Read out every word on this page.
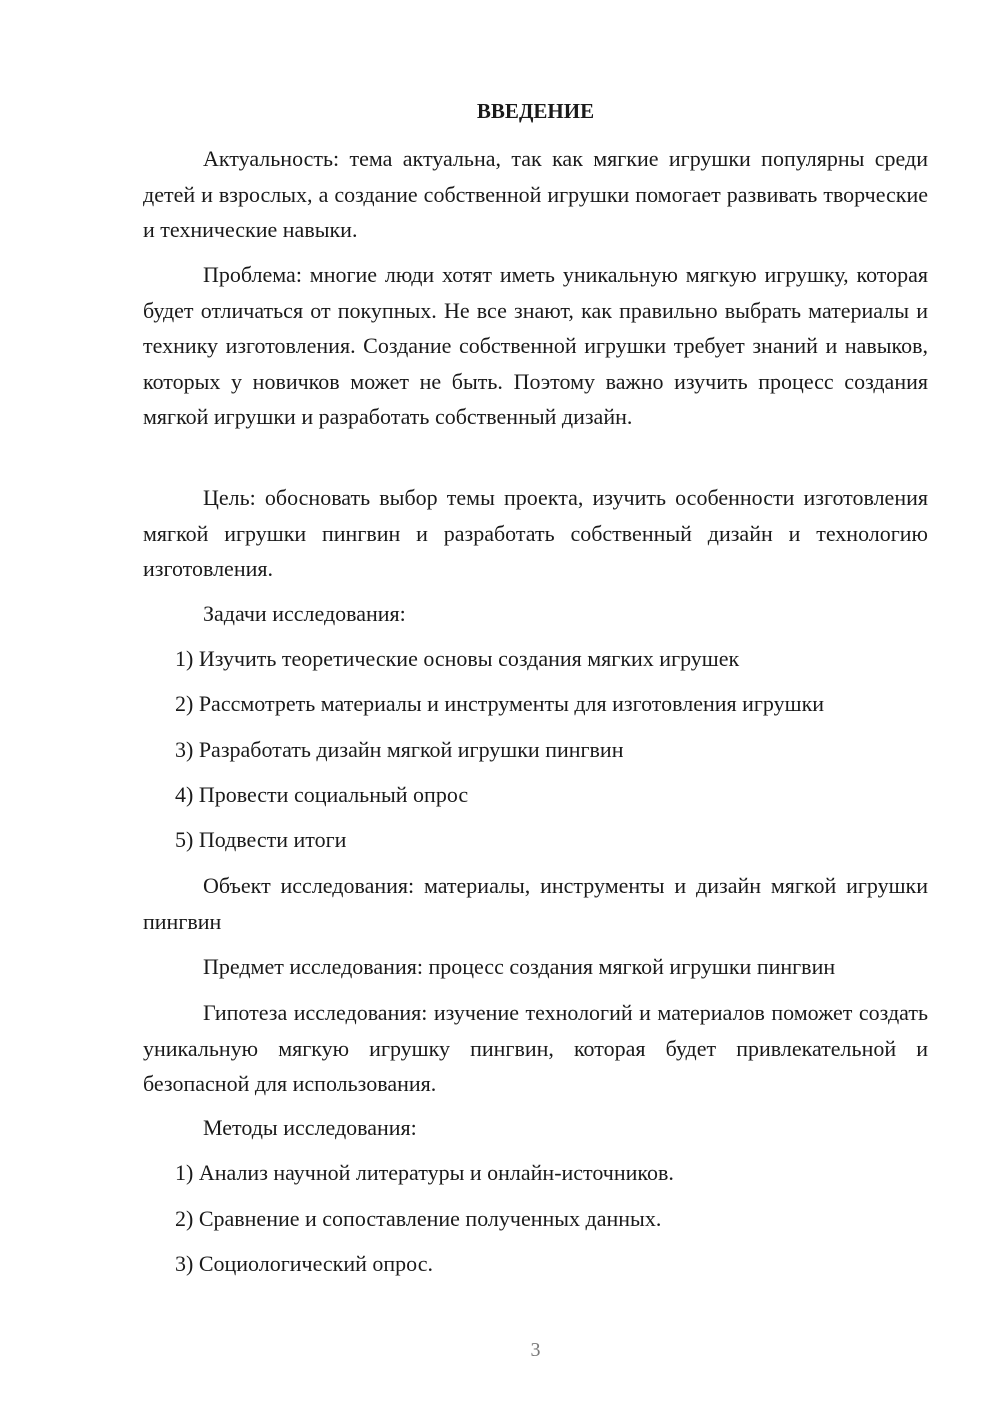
ВВЕДЕНИЕ

Актуальность: тема актуальна, так как мягкие игрушки популярны среди детей и взрослых, а создание собственной игрушки помогает развивать творческие и технические навыки.

Проблема: многие люди хотят иметь уникальную мягкую игрушку, которая будет отличаться от покупных. Не все знают, как правильно выбрать материалы и технику изготовления. Создание собственной игрушки требует знаний и навыков, которых у новичков может не быть. Поэтому важно изучить процесс создания мягкой игрушки и разработать собственный дизайн.

Цель: обосновать выбор темы проекта, изучить особенности изготовления мягкой игрушки пингвин и разработать собственный дизайн и технологию изготовления.

Задачи исследования:

1) Изучить теоретические основы создания мягких игрушек

2) Рассмотреть материалы и инструменты для изготовления игрушки

3) Разработать дизайн мягкой игрушки пингвин

4) Провести социальный опрос

5) Подвести итоги

Объект исследования: материалы, инструменты и дизайн мягкой игрушки пингвин

Предмет исследования: процесс создания мягкой игрушки пингвин

Гипотеза исследования: изучение технологий и материалов поможет создать уникальную мягкую игрушку пингвин, которая будет привлекательной и безопасной для использования.

Методы исследования:

1) Анализ научной литературы и онлайн-источников.

2) Сравнение и сопоставление полученных данных.

3) Социологический опрос.

3
